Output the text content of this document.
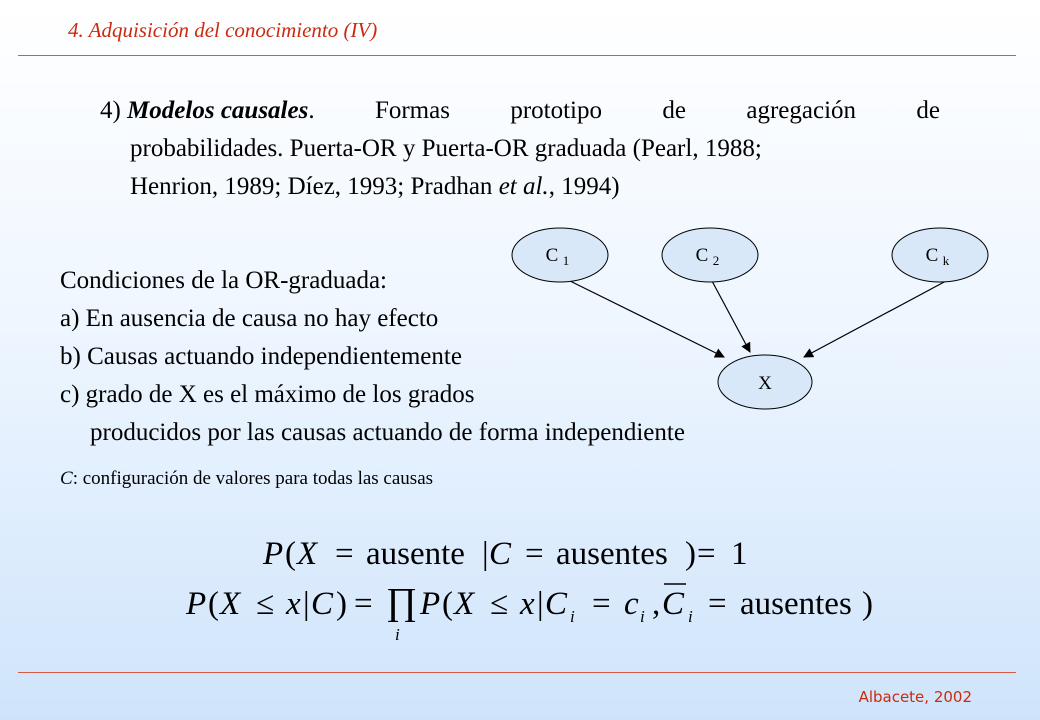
4. Adquisición del conocimiento (IV)
4) Modelos causales. Formas prototipo de agregación de
probabilidades. Puerta-OR y Puerta-OR graduada (Pearl, 1988;
Henrion, 1989; Díez, 1993; Pradhan et al., 1994)
C 1	C 2	C k
X
Condiciones de la OR-graduada:
a) En ausencia de causa no hay efecto
b) Causas actuando independientemente
c) grado de X es el máximo de los grados
producidos por las causas actuando de forma independiente
C: configuración de valores para todas las causas
P(X = ausente |C = ausentes )= 1
P(X ≤ x|C) = ∏P(X ≤ x|C = c ,C = ausentes )
i
i	i	i
Albacete, 2002
